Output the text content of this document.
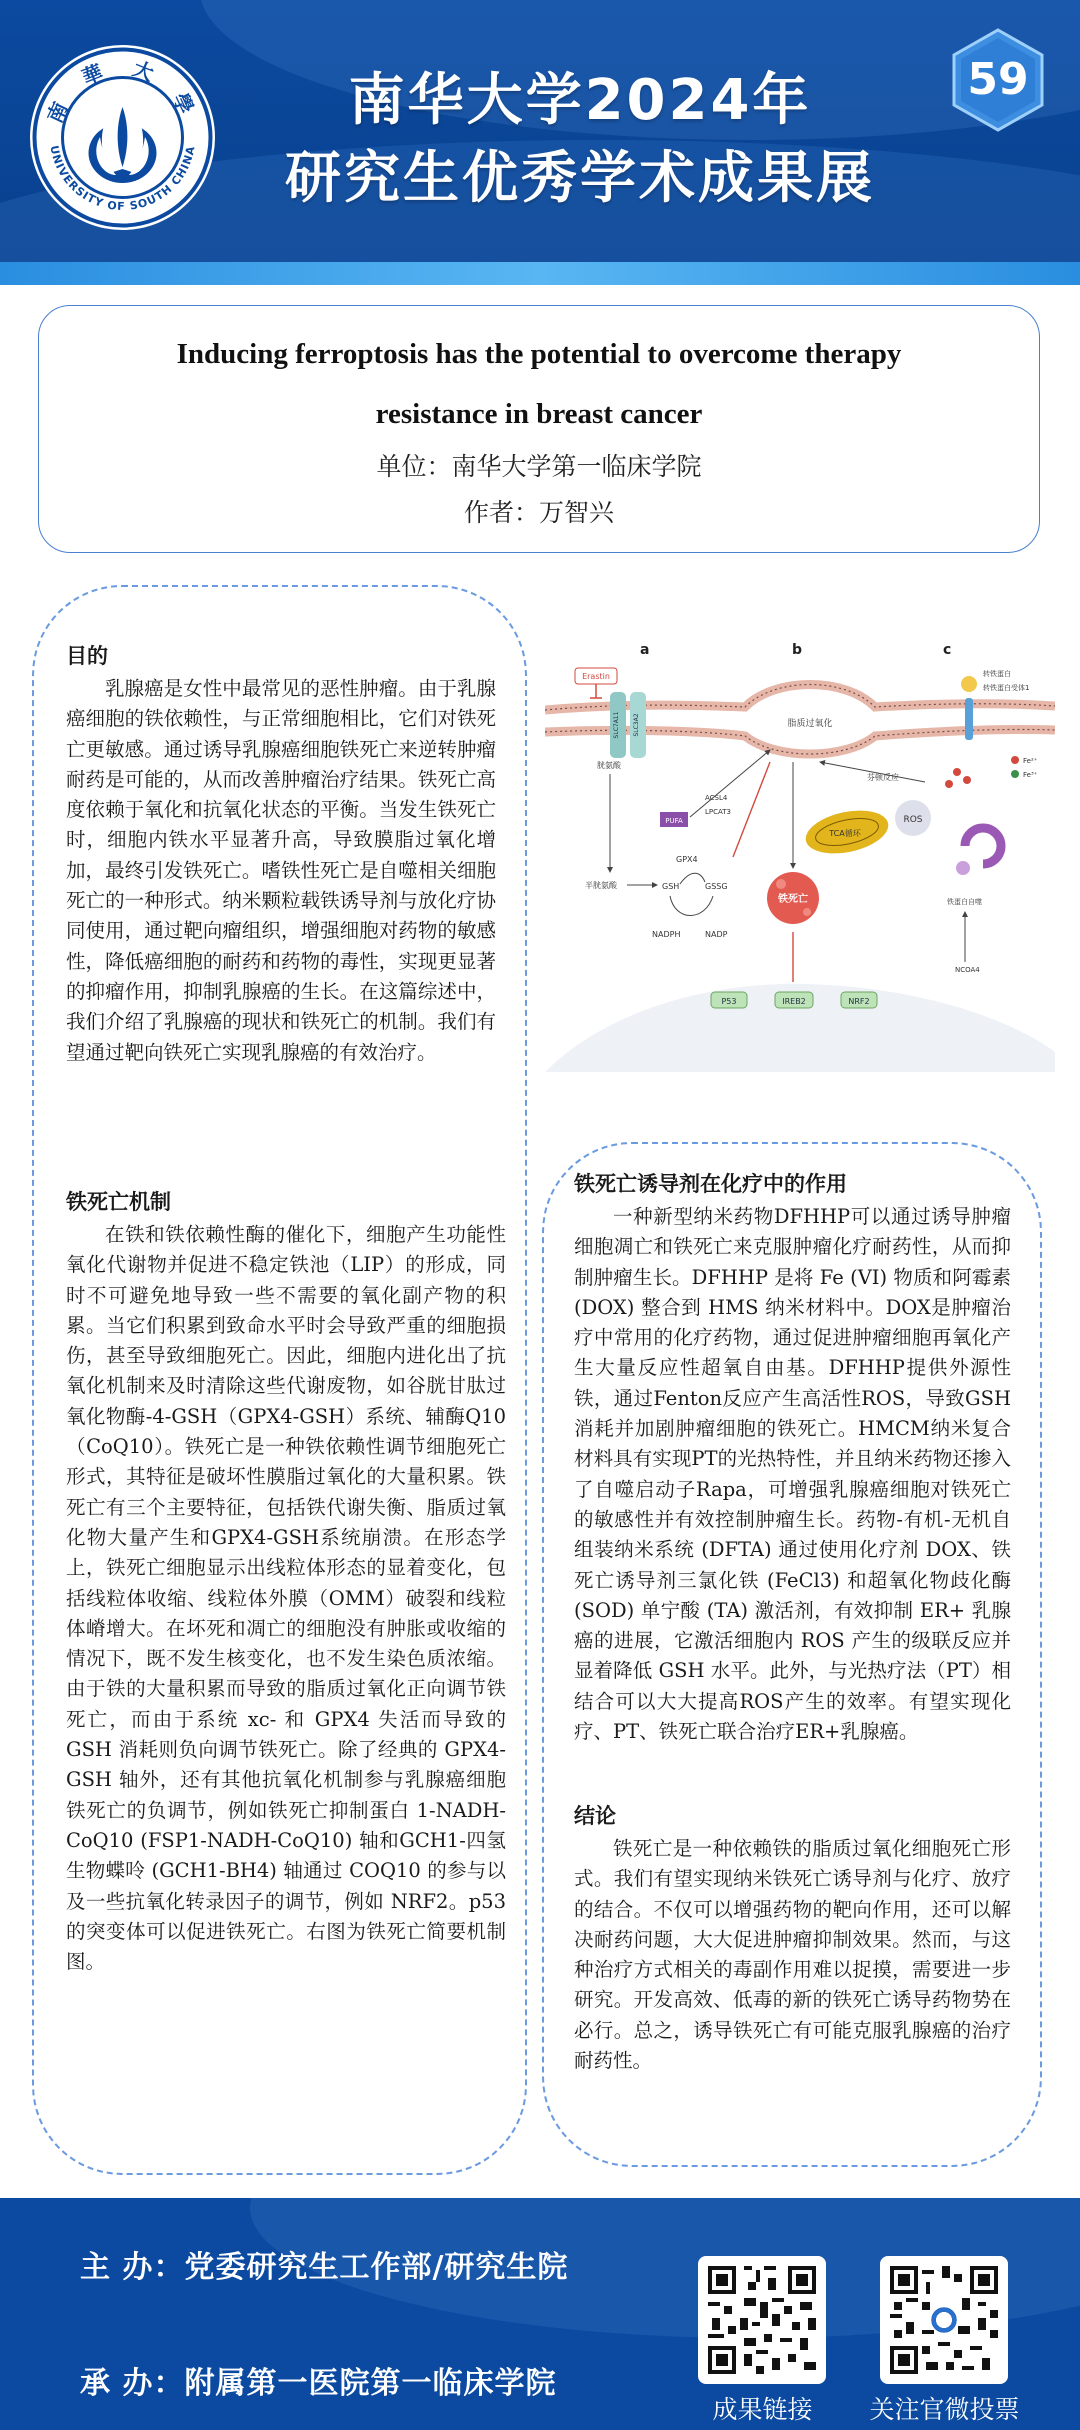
南 華 大 學
UNIVERSITY OF SOUTH CHINA
南华大学2024年
研究生优秀学术成果展
59
Inducing ferroptosis has the potential to overcome therapy
resistance in breast cancer
单位：南华大学第一临床学院
作者：万智兴
目的

乳腺癌是女性中最常见的恶性肿瘤。由于乳腺癌细胞的铁依赖性，与正常细胞相比，它们对铁死亡更敏感。通过诱导乳腺癌细胞铁死亡来逆转肿瘤耐药是可能的，从而改善肿瘤治疗结果。铁死亡高度依赖于氧化和抗氧化状态的平衡。当发生铁死亡时，细胞内铁水平显著升高，导致膜脂过氧化增加，最终引发铁死亡。嗜铁性死亡是自噬相关细胞死亡的一种形式。纳米颗粒载铁诱导剂与放化疗协同使用，通过靶向瘤组织，增强细胞对药物的敏感性，降低癌细胞的耐药和药物的毒性，实现更显著的抑瘤作用，抑制乳腺癌的生长。在这篇综述中，我们介绍了乳腺癌的现状和铁死亡的机制。我们有望通过靶向铁死亡实现乳腺癌的有效治疗。

铁死亡机制

在铁和铁依赖性酶的催化下，细胞产生功能性氧化代谢物并促进不稳定铁池（LIP）的形成，同时不可避免地导致一些不需要的氧化副产物的积累。当它们积累到致命水平时会导致严重的细胞损伤，甚至导致细胞死亡。因此，细胞内进化出了抗氧化机制来及时清除这些代谢废物，如谷胱甘肽过氧化物酶-4-GSH（GPX4-GSH）系统、辅酶Q10（CoQ10）。铁死亡是一种铁依赖性调节细胞死亡形式，其特征是破坏性膜脂过氧化的大量积累。铁死亡有三个主要特征，包括铁代谢失衡、脂质过氧化物大量产生和GPX4-GSH系统崩溃。在形态学上，铁死亡细胞显示出线粒体形态的显着变化，包括线粒体收缩、线粒体外膜（OMM）破裂和线粒体嵴增大。在坏死和凋亡的细胞没有肿胀或收缩的情况下，既不发生核变化，也不发生染色质浓缩。由于铁的大量积累而导致的脂质过氧化正向调节铁死亡，而由于系统 xc- 和 GPX4 失活而导致的 GSH 消耗则负向调节铁死亡。除了经典的 GPX4-GSH 轴外，还有其他抗氧化机制参与乳腺癌细胞铁死亡的负调节，例如铁死亡抑制蛋白 1-NADH-CoQ10 (FSP1-NADH-CoQ10) 轴和GCH1-四氢生物蝶呤 (GCH1-BH4) 轴通过 COQ10 的参与以及一些抗氧化转录因子的调节，例如 NRF2。p53 的突变体可以促进铁死亡。右图为铁死亡简要机制图。

a	b	c
脂质过氧化
Erastin
SLC7A11 SLC3A2
胱氨酸
半胱氨酸	GSH	GSSG
GPX4
NADPH	NADP
PUFA
ACSL4
LPCAT3
TCA循环
ROS
芬顿反应
铁死亡
转铁蛋白
转铁蛋白受体1
Fe²⁺
Fe³⁺
铁蛋白自噬
NCOA4
P53	IREB2	NRF2
铁死亡诱导剂在化疗中的作用

一种新型纳米药物DFHHP可以通过诱导肿瘤细胞凋亡和铁死亡来克服肿瘤化疗耐药性，从而抑制肿瘤生长。DFHHP 是将 Fe (VI) 物质和阿霉素 (DOX) 整合到 HMS 纳米材料中。DOX是肿瘤治疗中常用的化疗药物，通过促进肿瘤细胞再氧化产生大量反应性超氧自由基。DFHHP提供外源性铁，通过Fenton反应产生高活性ROS，导致GSH消耗并加剧肿瘤细胞的铁死亡。HMCM纳米复合材料具有实现PT的光热特性，并且纳米药物还掺入了自噬启动子Rapa，可增强乳腺癌细胞对铁死亡的敏感性并有效控制肿瘤生长。药物-有机-无机自组装纳米系统 (DFTA) 通过使用化疗剂 DOX、铁死亡诱导剂三氯化铁 (FeCl3) 和超氧化物歧化酶 (SOD) 单宁酸 (TA) 激活剂，有效抑制 ER+ 乳腺癌的进展，它激活细胞内 ROS 产生的级联反应并显着降低 GSH 水平。此外，与光热疗法（PT）相结合可以大大提高ROS产生的效率。有望实现化疗、PT、铁死亡联合治疗ER+乳腺癌。

结论

铁死亡是一种依赖铁的脂质过氧化细胞死亡形式。我们有望实现纳米铁死亡诱导剂与化疗、放疗的结合。不仅可以增强药物的靶向作用，还可以解决耐药问题，大大促进肿瘤抑制效果。然而，与这种治疗方式相关的毒副作用难以捉摸，需要进一步研究。开发高效、低毒的新的铁死亡诱导药物势在必行。总之，诱导铁死亡有可能克服乳腺癌的治疗耐药性。

主 办：党委研究生工作部/研究生院
承 办：附属第一医院第一临床学院
成果链接	关注官微投票
